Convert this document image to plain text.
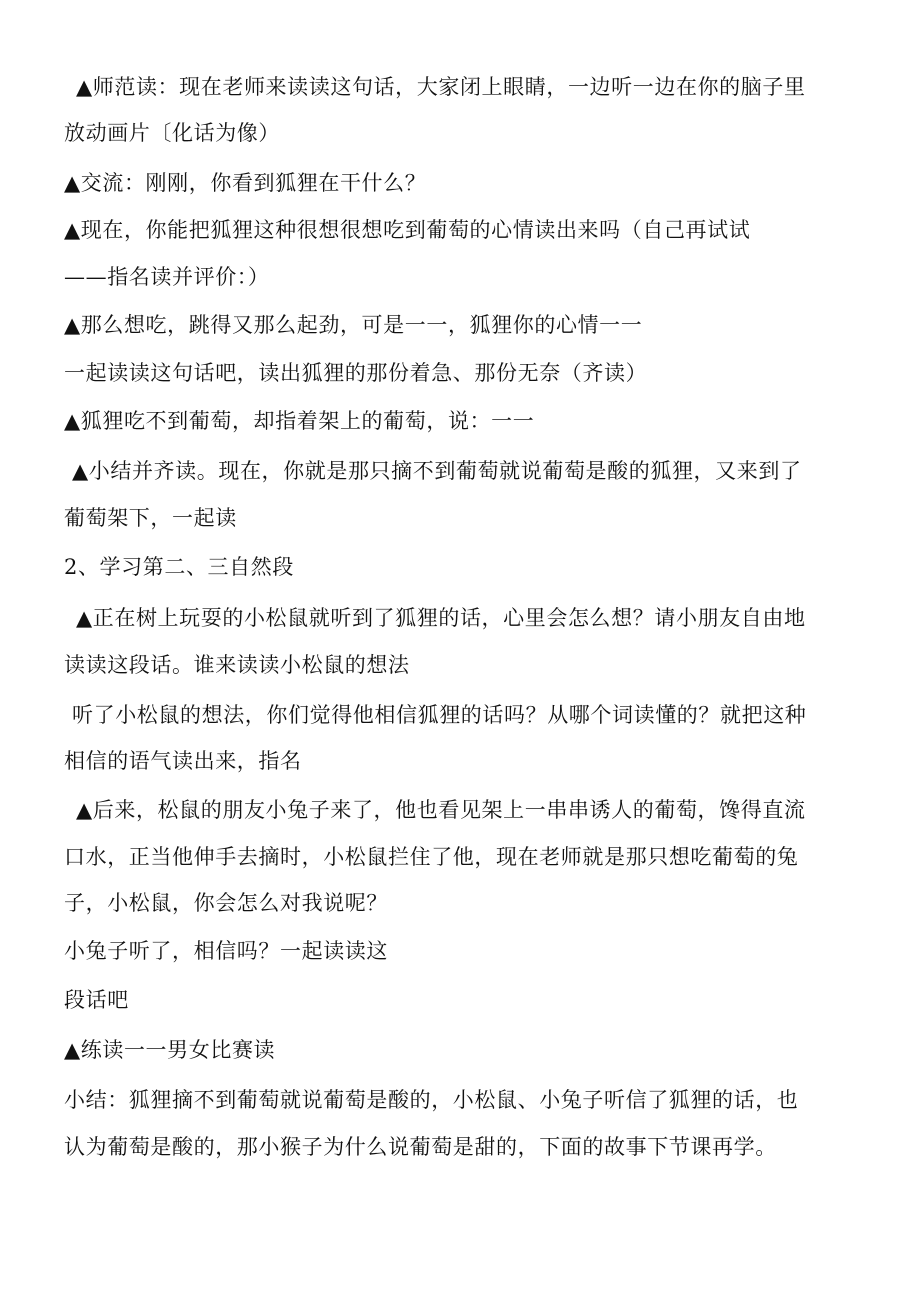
▲师范读：现在老师来读读这句话，大家闭上眼睛，一边听一边在你的脑子里
放动画片〔化话为像）
▲交流：刚刚，你看到狐狸在干什么？
▲现在，你能把狐狸这种很想很想吃到葡萄的心情读出来吗（自己再试试
——指名读并评价：）
▲那么想吃，跳得又那么起劲，可是一一，狐狸你的心情一一
一起读读这句话吧，读出狐狸的那份着急、那份无奈（齐读）
▲狐狸吃不到葡萄，却指着架上的葡萄，说：一一
▲小结并齐读。现在，你就是那只摘不到葡萄就说葡萄是酸的狐狸，又来到了
葡萄架下，一起读
2、学习第二、三自然段
▲正在树上玩耍的小松鼠就听到了狐狸的话，心里会怎么想？请小朋友自由地
读读这段话。谁来读读小松鼠的想法
听了小松鼠的想法，你们觉得他相信狐狸的话吗？从哪个词读懂的？就把这种
相信的语气读出来，指名
▲后来，松鼠的朋友小兔子来了，他也看见架上一串串诱人的葡萄，馋得直流
口水，正当他伸手去摘时，小松鼠拦住了他，现在老师就是那只想吃葡萄的兔
子，小松鼠，你会怎么对我说呢？
小兔子听了，相信吗？一起读读这
段话吧
▲练读一一男女比赛读
小结：狐狸摘不到葡萄就说葡萄是酸的，小松鼠、小兔子听信了狐狸的话，也
认为葡萄是酸的，那小猴子为什么说葡萄是甜的，下面的故事下节课再学。
